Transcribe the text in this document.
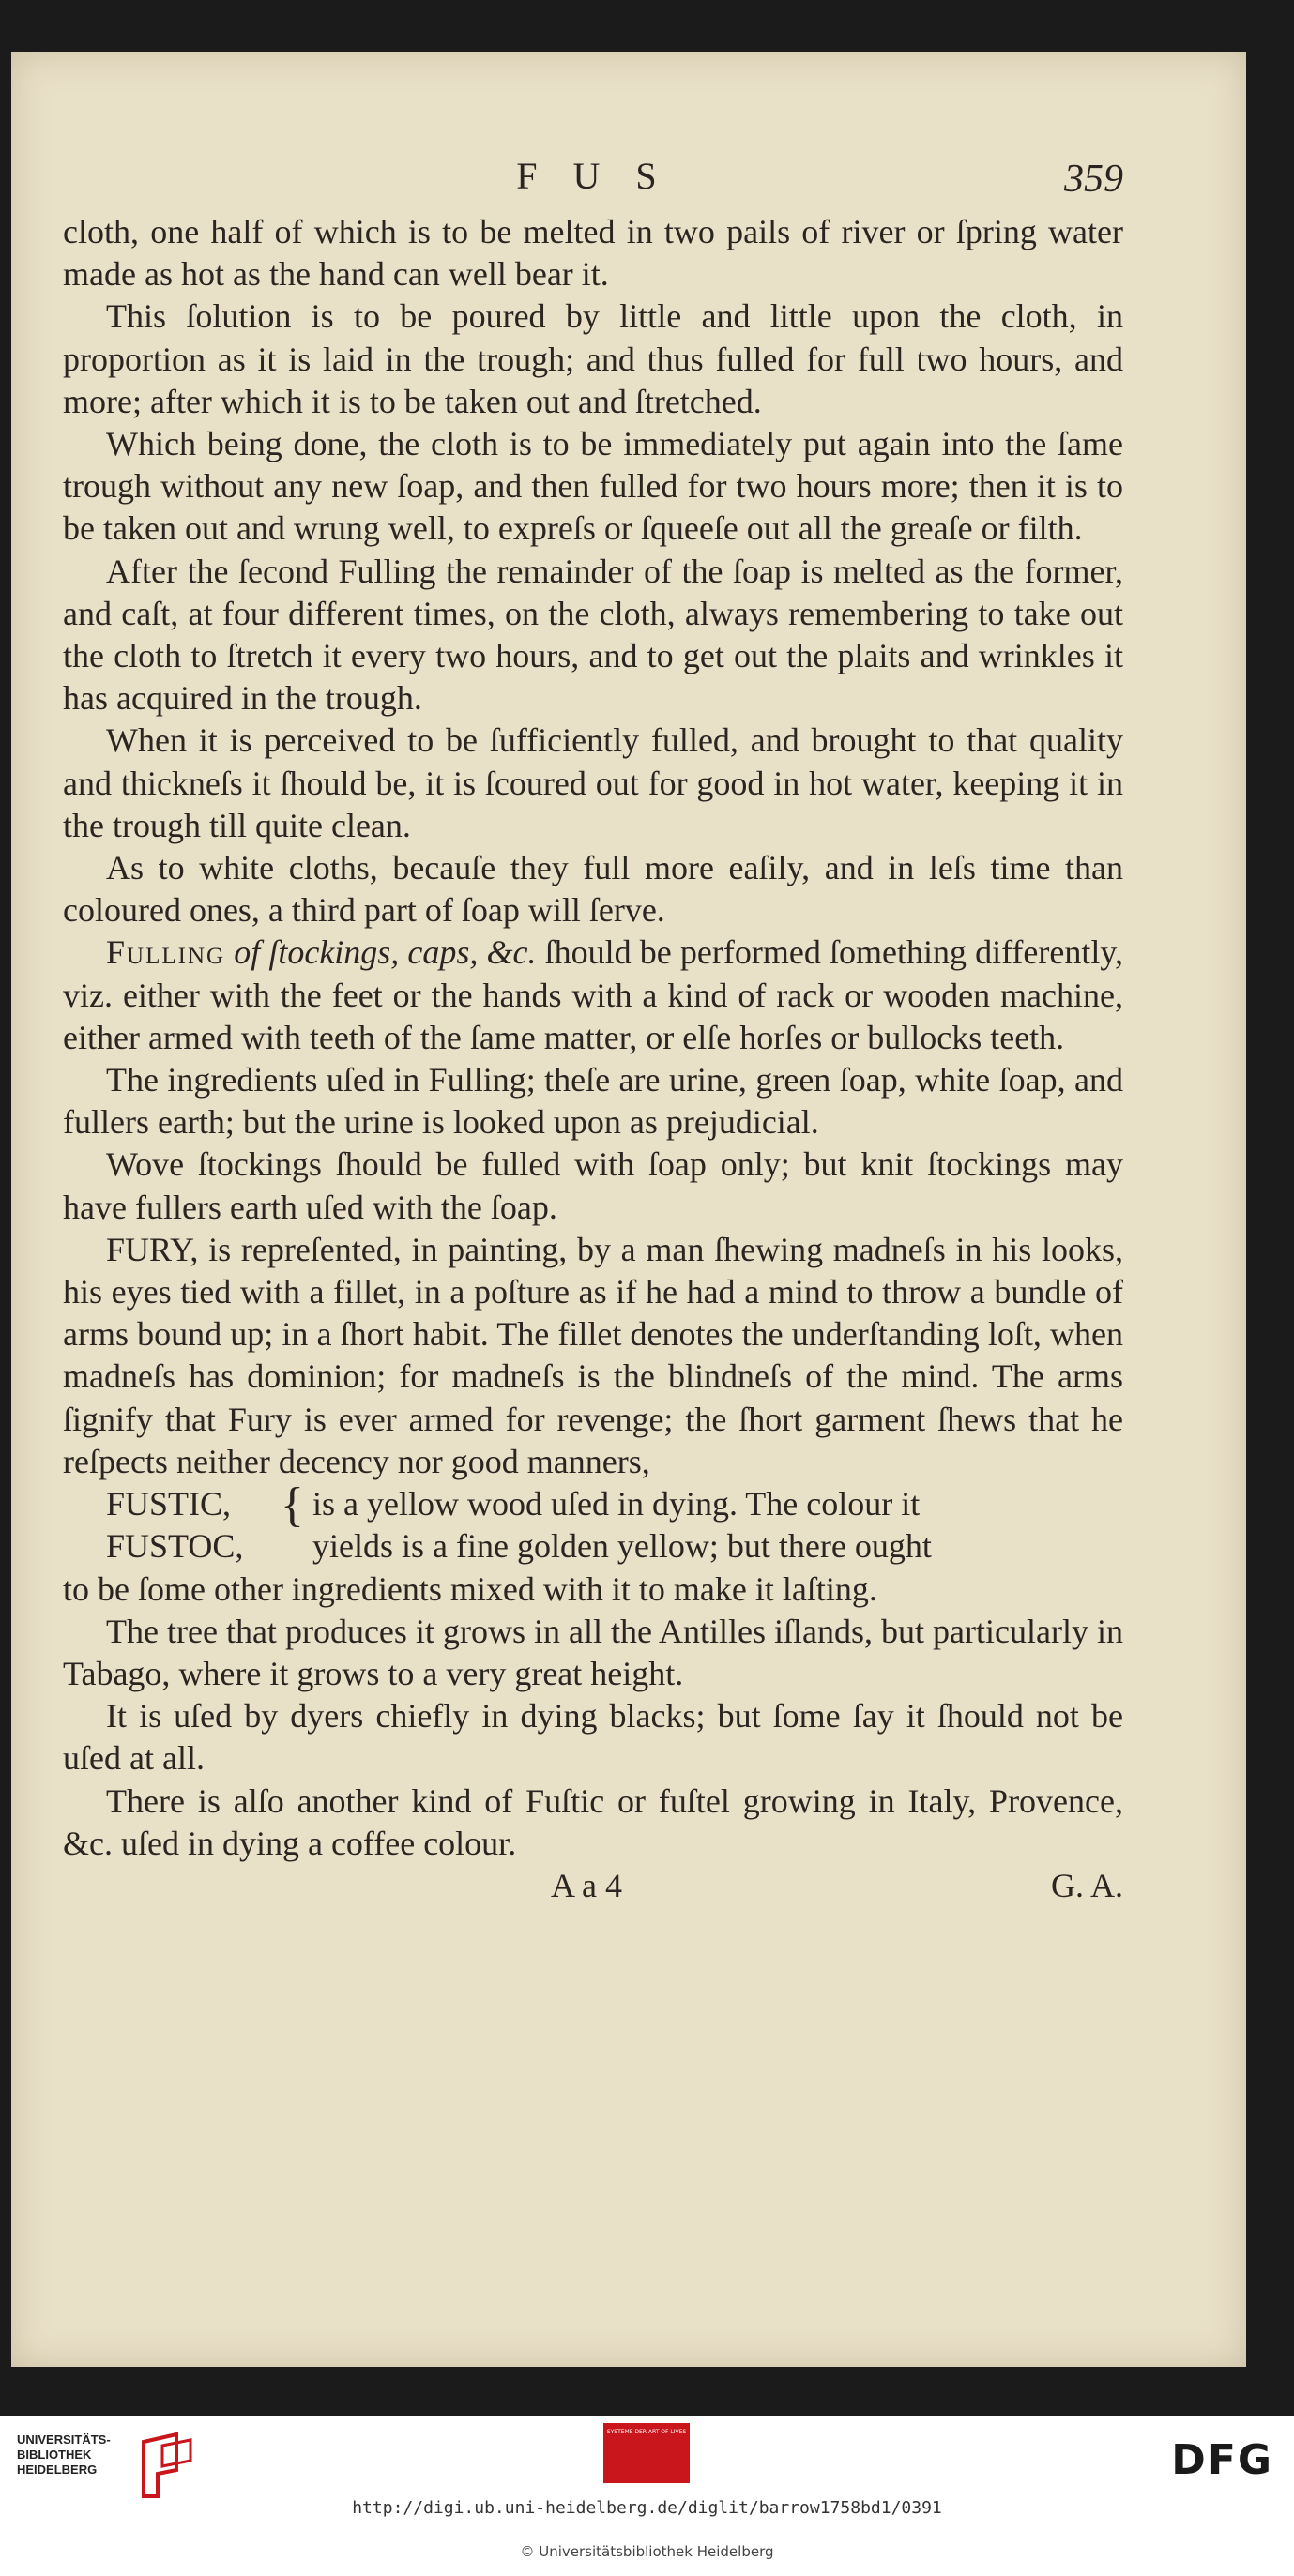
F U S	359

cloth, one half of which is to be melted in two pails of river or ſpring water made as hot as the hand can well bear it.

This ſolution is to be poured by little and little upon the cloth, in proportion as it is laid in the trough; and thus fulled for full two hours, and more; after which it is to be taken out and ſtretched.

Which being done, the cloth is to be immediately put again into the ſame trough without any new ſoap, and then fulled for two hours more; then it is to be taken out and wrung well, to expreſs or ſqueeſe out all the greaſe or filth.

After the ſecond Fulling the remainder of the ſoap is melted as the former, and caſt, at four different times, on the cloth, always remembering to take out the cloth to ſtretch it every two hours, and to get out the plaits and wrinkles it has acquired in the trough.

When it is perceived to be ſufficiently fulled, and brought to that quality and thickneſs it ſhould be, it is ſcoured out for good in hot water, keeping it in the trough till quite clean.

As to white cloths, becauſe they full more eaſily, and in leſs time than coloured ones, a third part of ſoap will ſerve.

Fulling of ſtockings, caps, &c. ſhould be performed ſomething differently, viz. either with the feet or the hands with a kind of rack or wooden machine, either armed with teeth of the ſame matter, or elſe horſes or bullocks teeth.

The ingredients uſed in Fulling; theſe are urine, green ſoap, white ſoap, and fullers earth; but the urine is looked upon as prejudicial.

Wove ſtockings ſhould be fulled with ſoap only; but knit ſtockings may have fullers earth uſed with the ſoap.

FURY, is repreſented, in painting, by a man ſhewing madneſs in his looks, his eyes tied with a fillet, in a poſture as if he had a mind to throw a bundle of arms bound up; in a ſhort habit. The fillet denotes the underſtanding loſt, when madneſs has dominion; for madneſs is the blindneſs of the mind. The arms ſignify that Fury is ever armed for revenge; the ſhort garment ſhews that he reſpects neither decency nor good manners,

FUSTIC,	is a yellow wood uſed in dying. The colour it
FUSTOC,	yields is a fine golden yellow; but there ought
{

to be ſome other ingredients mixed with it to make it laſting.

The tree that produces it grows in all the Antilles iſlands, but particularly in Tabago, where it grows to a very great height.

It is uſed by dyers chiefly in dying blacks; but ſome ſay it ſhould not be uſed at all.

There is alſo another kind of Fuſtic or fuſtel growing in Italy, Provence, &c. uſed in dying a coffee colour.

A a 4	G. A.
UNIVERSITÄTS-
BIBLIOTHEK
HEIDELBERG
SYSTEME DER ART OF LIVES
DFG
http://digi.ub.uni-heidelberg.de/diglit/barrow1758bd1/0391
© Universitätsbibliothek Heidelberg
